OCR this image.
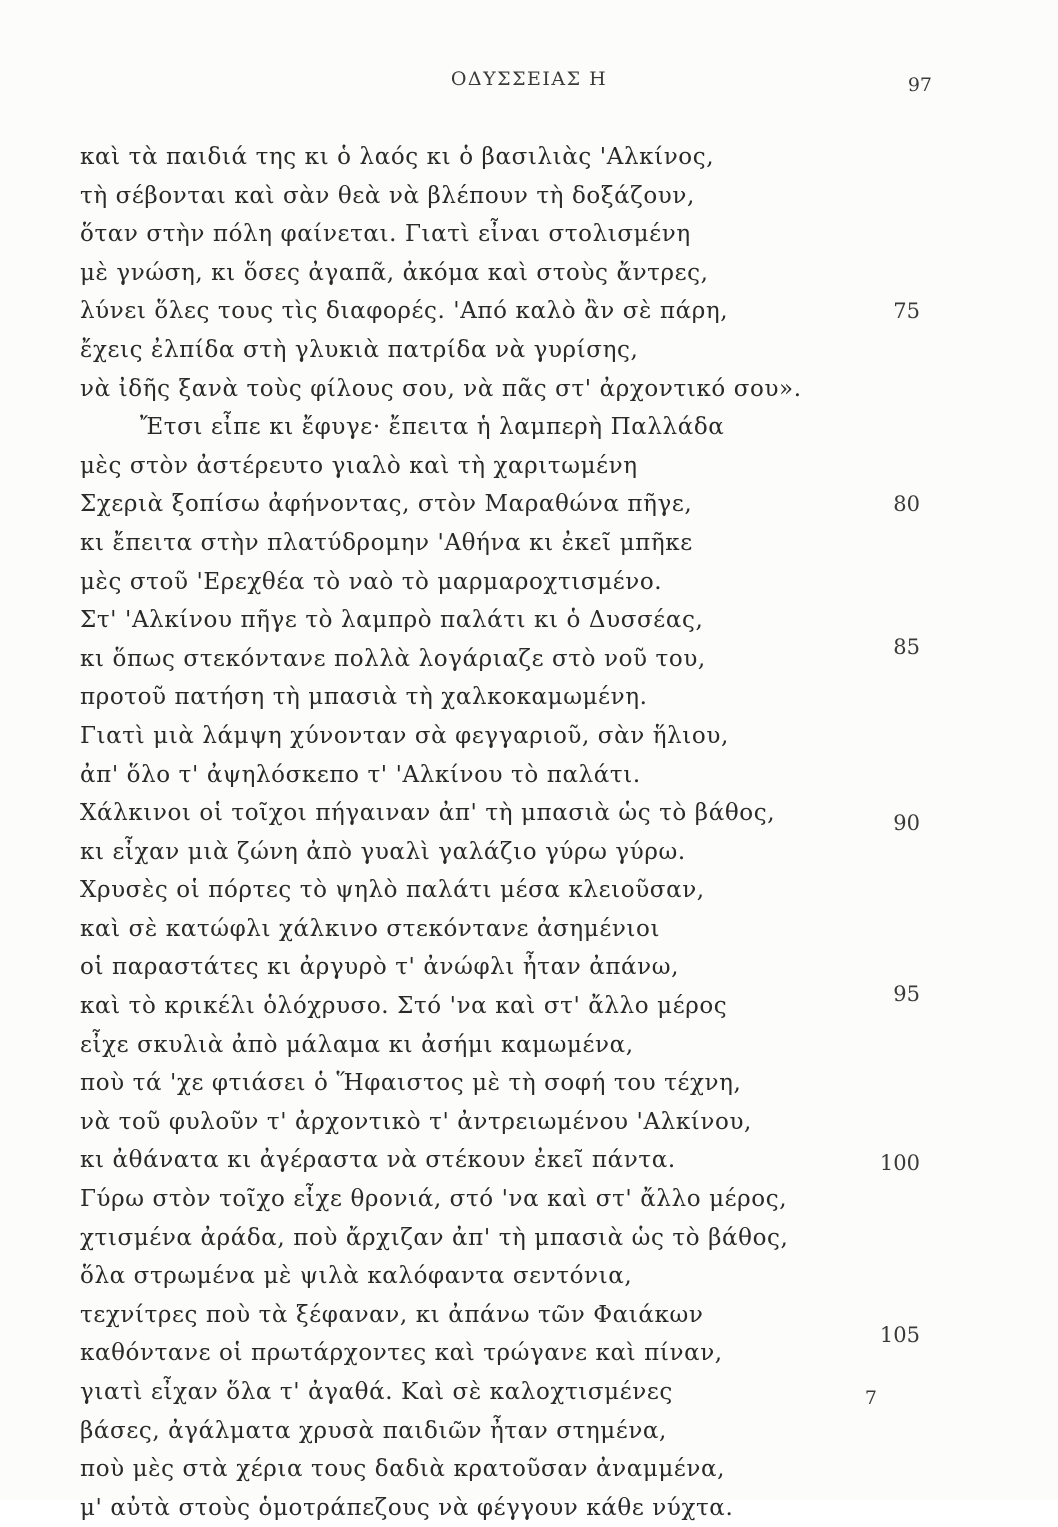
ΟΔΥΣΣΕΙΑΣ Η	97
καὶ τὰ παιδιά της κι ὁ λαός κι ὁ βασιλιὰς 'Αλκίνος,
τὴ σέβονται καὶ σὰν θεὰ νὰ βλέπουν τὴ δοξάζουν,
ὅταν στὴν πόλη φαίνεται. Γιατὶ εἶναι στολισμένη
μὲ γνώση, κι ὅσες ἀγαπᾶ, ἀκόμα καὶ στοὺς ἄντρες,
λύνει ὅλες τους τὶς διαφορές. 'Από καλὸ ἂν σὲ πάρη,
ἔχεις ἐλπίδα στὴ γλυκιὰ πατρίδα νὰ γυρίσης,
νὰ ἰδῆς ξανὰ τοὺς φίλους σου, νὰ πᾶς στ' ἀρχοντικό σου».
Ἔτσι εἶπε κι ἔφυγε· ἔπειτα ἡ λαμπερὴ Παλλάδα
μὲς στὸν ἀστέρευτο γιαλὸ καὶ τὴ χαριτωμένη
Σχεριὰ ξοπίσω ἀφήνοντας, στὸν Μαραθώνα πῆγε,
κι ἔπειτα στὴν πλατύδρομην 'Αθήνα κι ἐκεῖ μπῆκε
μὲς στοῦ 'Ερεχθέα τὸ ναὸ τὸ μαρμαροχτισμένο.
Στ' 'Αλκίνου πῆγε τὸ λαμπρὸ παλάτι κι ὁ Δυσσέας,
κι ὅπως στεκόντανε πολλὰ λογάριαζε στὸ νοῦ του,
προτοῦ πατήση τὴ μπασιὰ τὴ χαλκοκαμωμένη.
Γιατὶ μιὰ λάμψη χύνονταν σὰ φεγγαριοῦ, σὰν ἥλιου,
ἀπ' ὅλο τ' ἀψηλόσκεπο τ' 'Αλκίνου τὸ παλάτι.
Χάλκινοι οἱ τοῖχοι πήγαιναν ἀπ' τὴ μπασιὰ ὡς τὸ βάθος,
κι εἶχαν μιὰ ζώνη ἀπὸ γυαλὶ γαλάζιο γύρω γύρω.
Χρυσὲς οἱ πόρτες τὸ ψηλὸ παλάτι μέσα κλειοῦσαν,
καὶ σὲ κατώφλι χάλκινο στεκόντανε ἀσημένιοι
οἱ παραστάτες κι ἀργυρὸ τ' ἀνώφλι ἦταν ἀπάνω,
καὶ τὸ κρικέλι ὁλόχρυσο. Στό 'να καὶ στ' ἄλλο μέρος
εἶχε σκυλιὰ ἀπὸ μάλαμα κι ἀσήμι καμωμένα,
ποὺ τά 'χε φτιάσει ὁ Ἥφαιστος μὲ τὴ σοφή του τέχνη,
νὰ τοῦ φυλοῦν τ' ἀρχοντικὸ τ' ἀντρειωμένου 'Αλκίνου,
κι ἀθάνατα κι ἀγέραστα νὰ στέκουν ἐκεῖ πάντα.
Γύρω στὸν τοῖχο εἶχε θρονιά, στό 'να καὶ στ' ἄλλο μέρος,
χτισμένα ἀράδα, ποὺ ἄρχιζαν ἀπ' τὴ μπασιὰ ὡς τὸ βάθος,
ὅλα στρωμένα μὲ ψιλὰ καλόφαντα σεντόνια,
τεχνίτρες ποὺ τὰ ξέφαναν, κι ἀπάνω τῶν Φαιάκων
καθόντανε οἱ πρωτάρχοντες καὶ τρώγανε καὶ πίναν,
γιατὶ εἶχαν ὅλα τ' ἀγαθά. Καὶ σὲ καλοχτισμένες
βάσες, ἀγάλματα χρυσὰ παιδιῶν ἦταν στημένα,
ποὺ μὲς στὰ χέρια τους δαδιὰ κρατοῦσαν ἀναμμένα,
μ' αὐτὰ στοὺς ὁμοτράπεζους νὰ φέγγουν κάθε νύχτα.
75
80
85
90
95
100
105
7
